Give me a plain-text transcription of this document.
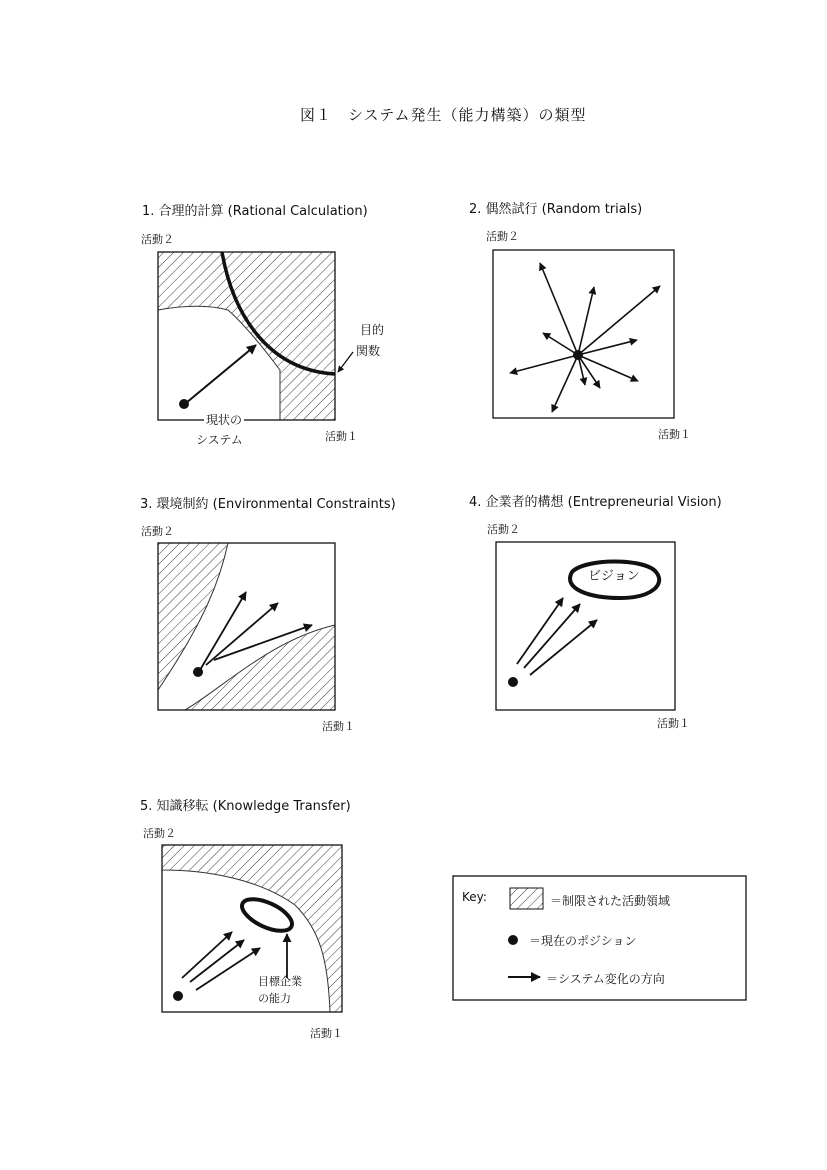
図１　システム発生（能力構築）の類型
1. 合理的計算 (Rational Calculation)
活動２
活動１
目的
関数
現状の
システム
2. 偶然試行 (Random trials)
活動２
活動１
3. 環境制約 (Environmental Constraints)
活動２
活動１
4. 企業者的構想 (Entrepreneurial Vision)
活動２
活動１
ビジョン
5. 知識移転 (Knowledge Transfer)
活動２
活動１
目標企業
の能力
Key:	＝制限された活動領域
＝現在のポジション
＝システム変化の方向
